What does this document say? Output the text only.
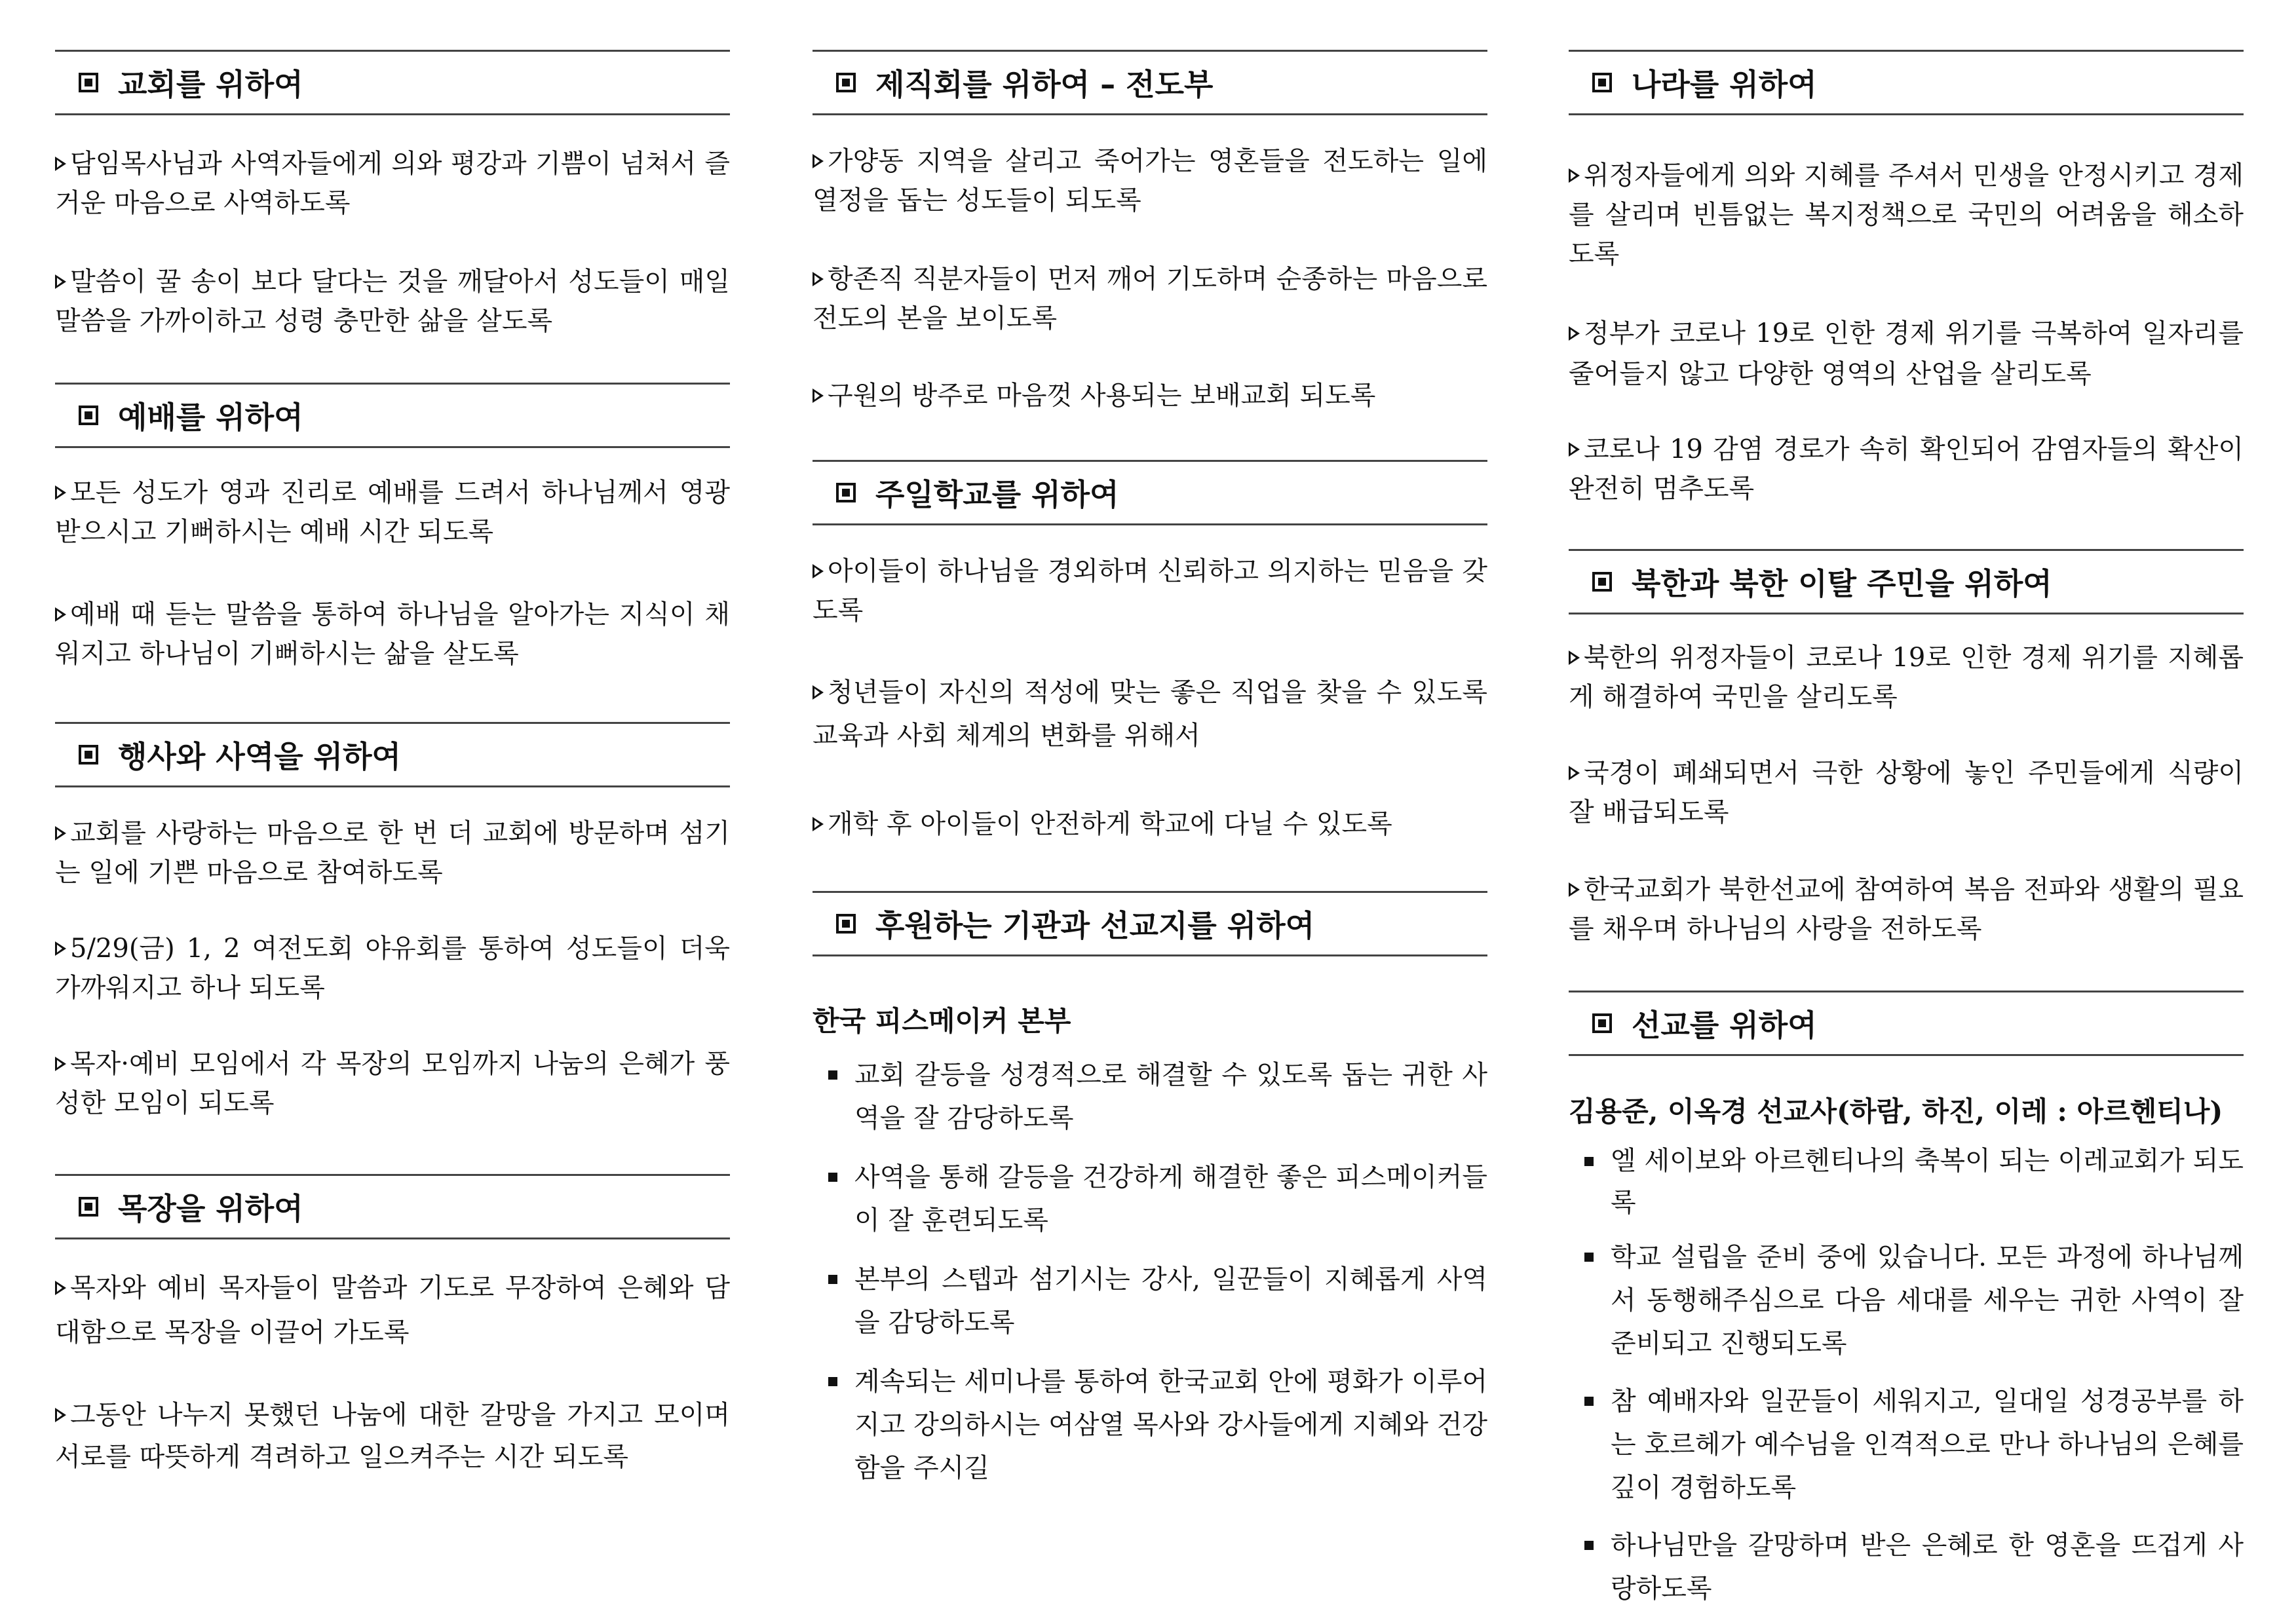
교회를 위하여

담임목사님과 사역자들에게 의와 평강과 기쁨이 넘쳐서 즐거운 마음으로 사역하도록

말씀이 꿀 송이 보다 달다는 것을 깨달아서 성도들이 매일 말씀을 가까이하고 성령 충만한 삶을 살도록

예배를 위하여

모든 성도가 영과 진리로 예배를 드려서 하나님께서 영광 받으시고 기뻐하시는 예배 시간 되도록

예배 때 듣는 말씀을 통하여 하나님을 알아가는 지식이 채워지고 하나님이 기뻐하시는 삶을 살도록

행사와 사역을 위하여

교회를 사랑하는 마음으로 한 번 더 교회에 방문하며 섬기는 일에 기쁜 마음으로 참여하도록

5/29(금) 1, 2 여전도회 야유회를 통하여 성도들이 더욱 가까워지고 하나 되도록

목자·예비 모임에서 각 목장의 모임까지 나눔의 은혜가 풍성한 모임이 되도록

목장을 위하여

목자와 예비 목자들이 말씀과 기도로 무장하여 은혜와 담대함으로 목장을 이끌어 가도록

그동안 나누지 못했던 나눔에 대한 갈망을 가지고 모이며 서로를 따뜻하게 격려하고 일으켜주는 시간 되도록

제직회를 위하여 – 전도부

가양동 지역을 살리고 죽어가는 영혼들을 전도하는 일에 열정을 돕는 성도들이 되도록

항존직 직분자들이 먼저 깨어 기도하며 순종하는 마음으로 전도의 본을 보이도록

구원의 방주로 마음껏 사용되는 보배교회 되도록

주일학교를 위하여

아이들이 하나님을 경외하며 신뢰하고 의지하는 믿음을 갖도록

청년들이 자신의 적성에 맞는 좋은 직업을 찾을 수 있도록 교육과 사회 체계의 변화를 위해서

개학 후 아이들이 안전하게 학교에 다닐 수 있도록

후원하는 기관과 선교지를 위하여

한국 피스메이커 본부

교회 갈등을 성경적으로 해결할 수 있도록 돕는 귀한 사역을 잘 감당하도록

사역을 통해 갈등을 건강하게 해결한 좋은 피스메이커들이 잘 훈련되도록

본부의 스텝과 섬기시는 강사, 일꾼들이 지혜롭게 사역을 감당하도록

계속되는 세미나를 통하여 한국교회 안에 평화가 이루어지고 강의하시는 여삼열 목사와 강사들에게 지혜와 건강함을 주시길

나라를 위하여

위정자들에게 의와 지혜를 주셔서 민생을 안정시키고 경제를 살리며 빈틈없는 복지정책으로 국민의 어려움을 해소하도록

정부가 코로나 19로 인한 경제 위기를 극복하여 일자리를 줄어들지 않고 다양한 영역의 산업을 살리도록

코로나 19 감염 경로가 속히 확인되어 감염자들의 확산이 완전히 멈추도록

북한과 북한 이탈 주민을 위하여

북한의 위정자들이 코로나 19로 인한 경제 위기를 지혜롭게 해결하여 국민을 살리도록

국경이 폐쇄되면서 극한 상황에 놓인 주민들에게 식량이 잘 배급되도록

한국교회가 북한선교에 참여하여 복음 전파와 생활의 필요를 채우며 하나님의 사랑을 전하도록

선교를 위하여

김용준, 이옥경 선교사(하람, 하진, 이레 : 아르헨티나)

엘 세이보와 아르헨티나의 축복이 되는 이레교회가 되도록

학교 설립을 준비 중에 있습니다. 모든 과정에 하나님께서 동행해주심으로 다음 세대를 세우는 귀한 사역이 잘 준비되고 진행되도록

참 예배자와 일꾼들이 세워지고, 일대일 성경공부를 하는 호르헤가 예수님을 인격적으로 만나 하나님의 은혜를 깊이 경험하도록

하나님만을 갈망하며 받은 은혜로 한 영혼을 뜨겁게 사랑하도록
